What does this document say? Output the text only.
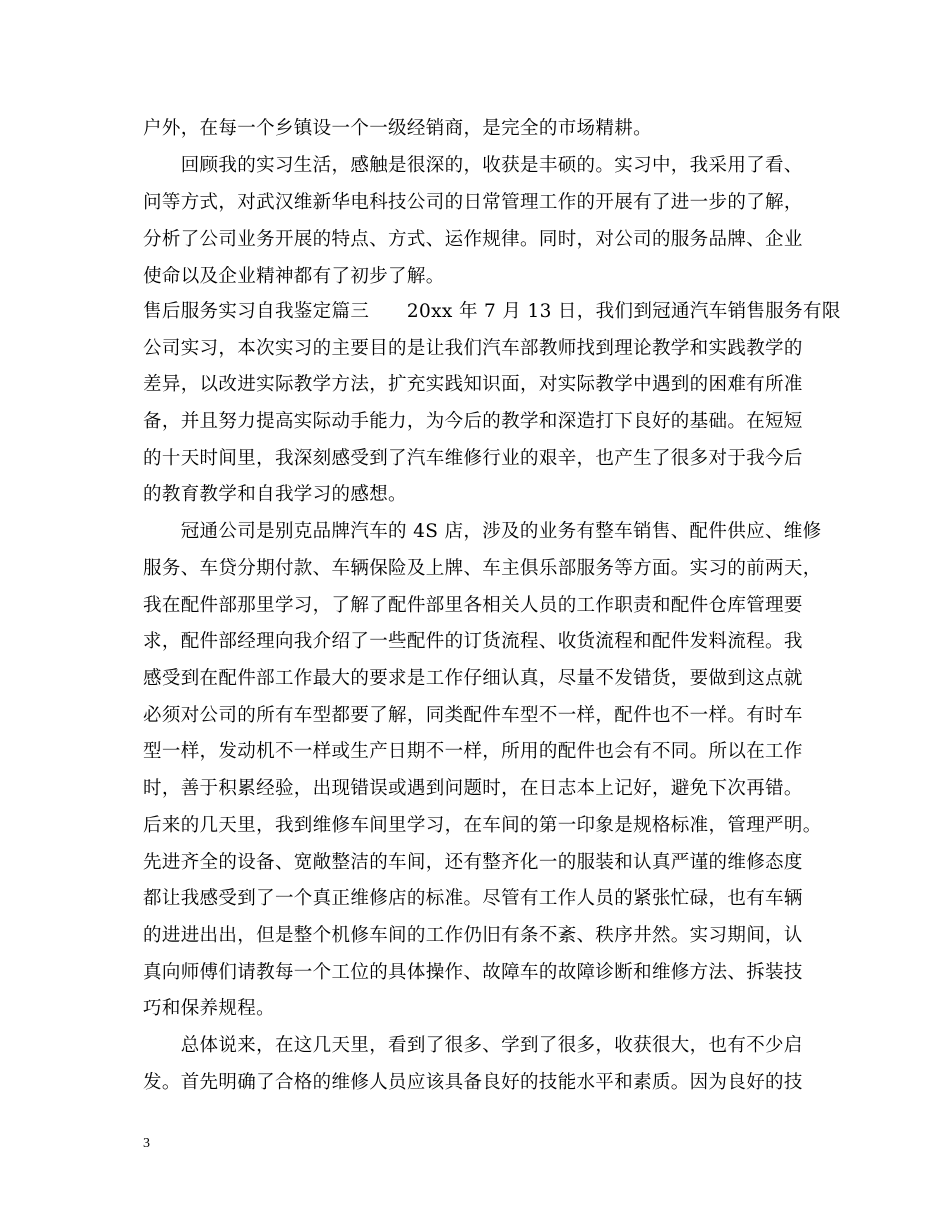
户外，在每一个乡镇设一个一级经销商，是完全的市场精耕。
　　回顾我的实习生活，感触是很深的，收获是丰硕的。实习中，我采用了看、
问等方式，对武汉维新华电科技公司的日常管理工作的开展有了进一步的了解，
分析了公司业务开展的特点、方式、运作规律。同时，对公司的服务品牌、企业
使命以及企业精神都有了初步了解。
售后服务实习自我鉴定篇三　　20xx 年 7 月 13 日，我们到冠通汽车销售服务有限
公司实习，本次实习的主要目的是让我们汽车部教师找到理论教学和实践教学的
差异，以改进实际教学方法，扩充实践知识面，对实际教学中遇到的困难有所准
备，并且努力提高实际动手能力，为今后的教学和深造打下良好的基础。在短短
的十天时间里，我深刻感受到了汽车维修行业的艰辛，也产生了很多对于我今后
的教育教学和自我学习的感想。
　　冠通公司是别克品牌汽车的 4S 店，涉及的业务有整车销售、配件供应、维修
服务、车贷分期付款、车辆保险及上牌、车主俱乐部服务等方面。实习的前两天，
我在配件部那里学习，了解了配件部里各相关人员的工作职责和配件仓库管理要
求，配件部经理向我介绍了一些配件的订货流程、收货流程和配件发料流程。我
感受到在配件部工作最大的要求是工作仔细认真，尽量不发错货，要做到这点就
必须对公司的所有车型都要了解，同类配件车型不一样，配件也不一样。有时车
型一样，发动机不一样或生产日期不一样，所用的配件也会有不同。所以在工作
时，善于积累经验，出现错误或遇到问题时，在日志本上记好，避免下次再错。
后来的几天里，我到维修车间里学习，在车间的第一印象是规格标准，管理严明。
先进齐全的设备、宽敞整洁的车间，还有整齐化一的服装和认真严谨的维修态度
都让我感受到了一个真正维修店的标准。尽管有工作人员的紧张忙碌，也有车辆
的进进出出，但是整个机修车间的工作仍旧有条不紊、秩序井然。实习期间，认
真向师傅们请教每一个工位的具体操作、故障车的故障诊断和维修方法、拆装技
巧和保养规程。
　　总体说来，在这几天里，看到了很多、学到了很多，收获很大，也有不少启
发。首先明确了合格的维修人员应该具备良好的技能水平和素质。因为良好的技
3
